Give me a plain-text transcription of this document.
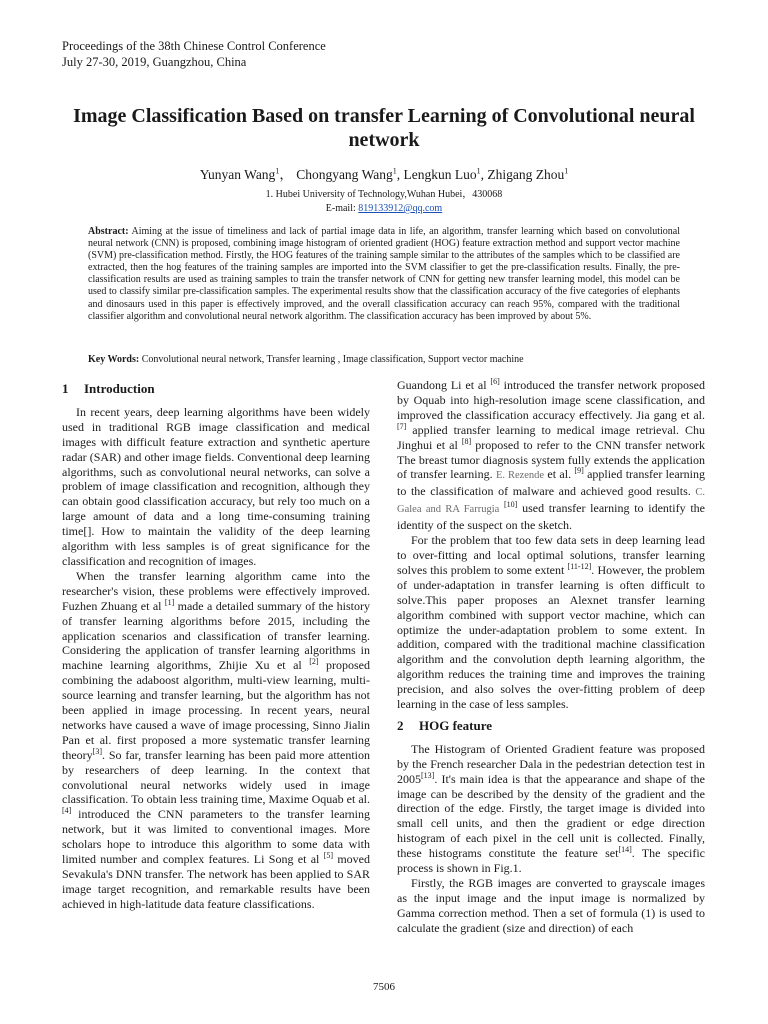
Proceedings of the 38th Chinese Control Conference
July 27-30, 2019, Guangzhou, China
Image Classification Based on transfer Learning of Convolutional neural network
Yunyan Wang$^1$， Chongyang Wang$^1$, Lengkun Luo$^1$, Zhigang Zhou$^1$
1. Hubei University of Technology,Wuhan Hubei，430068
E-mail: 819133912@qq.com
Abstract: Aiming at the issue of timeliness and lack of partial image data in life, an algorithm, transfer learning which based on convolutional neural network (CNN) is proposed, combining image histogram of oriented gradient (HOG) feature extraction method and support vector machine (SVM) pre-classification method. Firstly, the HOG features of the training sample similar to the attributes of the samples which to be classified are extracted, then the hog features of the training samples are imported into the SVM classifier to get the pre-classification results. Finally, the pre-classification results are used as training samples to train the transfer network of CNN for getting new transfer learning model, this model can be used to classify similar pre-classification samples. The experimental results show that the classification accuracy of the five categories of elephants and dinosaurs used in this paper is effectively improved, and the overall classification accuracy can reach 95%, compared with the traditional classifier algorithm and convolutional neural network algorithm. The classification accuracy has been improved by about 5%.
Key Words: Convolutional neural network, Transfer learning , Image classification, Support vector machine
1 Introduction

In recent years, deep learning algorithms have been widely used in traditional RGB image classification and medical images with difficult feature extraction and synthetic aperture radar (SAR) and other image fields. Conventional deep learning algorithms, such as convolutional neural networks, can solve a problem of image classification and recognition, although they can obtain good classification accuracy, but rely too much on a large amount of data and a long time-consuming training time[]. How to maintain the validity of the deep learning algorithm with less samples is of great significance for the classification and recognition of images.

When the transfer learning algorithm came into the researcher's vision, these problems were effectively improved. Fuzhen Zhuang et al [1] made a detailed summary of the history of transfer learning algorithms before 2015, including the application scenarios and classification of transfer learning. Considering the application of transfer learning algorithms in machine learning algorithms, Zhijie Xu et al [2] proposed combining the adaboost algorithm, multi-view learning, multi-source learning and transfer learning, but the algorithm has not been applied in image processing. In recent years, neural networks have caused a wave of image processing, Sinno Jialin Pan et al. first proposed a more systematic transfer learning theory[3]. So far, transfer learning has been paid more attention by researchers of deep learning. In the context that convolutional neural networks widely used in image classification. To obtain less training time, Maxime Oquab et al. [4] introduced the CNN parameters to the transfer learning network, but it was limited to conventional images. More scholars hope to introduce this algorithm to some data with limited number and complex features. Li Song et al [5] moved Sevakula's DNN transfer. The network has been applied to SAR image target recognition, and remarkable results have been achieved in high-latitude data feature classifications.

Guandong Li et al [6] introduced the transfer network proposed by Oquab into high-resolution image scene classification, and improved the classification accuracy effectively. Jia gang et al. [7] applied transfer learning to medical image retrieval. Chu Jinghui et al [8] proposed to refer to the CNN transfer network The breast tumor diagnosis system fully extends the application of transfer learning. E. Rezende et al. [9] applied transfer learning to the classification of malware and achieved good results. C. Galea and RA Farrugia [10] used transfer learning to identify the identity of the suspect on the sketch.

For the problem that too few data sets in deep learning lead to over-fitting and local optimal solutions, transfer learning solves this problem to some extent [11-12]. However, the problem of under-adaptation in transfer learning is often difficult to solve.This paper proposes an Alexnet transfer learning algorithm combined with support vector machine, which can optimize the under-adaptation problem to some extent. In addition, compared with the traditional machine classification algorithm and the convolution depth learning algorithm, the algorithm reduces the training time and improves the training precision, and also solves the over-fitting problem of deep learning in the case of less samples.

2 HOG feature

The Histogram of Oriented Gradient feature was proposed by the French researcher Dala in the pedestrian detection test in 2005[13]. It's main idea is that the appearance and shape of the image can be described by the density of the gradient and the direction of the edge. Firstly, the target image is divided into small cell units, and then the gradient or edge direction histogram of each pixel in the cell unit is collected. Finally, these histograms constitute the feature set[14]. The specific process is shown in Fig.1.

Firstly, the RGB images are converted to grayscale images as the input image and the input image is normalized by Gamma correction method. Then a set of formula (1) is used to calculate the gradient (size and direction) of each

7506
